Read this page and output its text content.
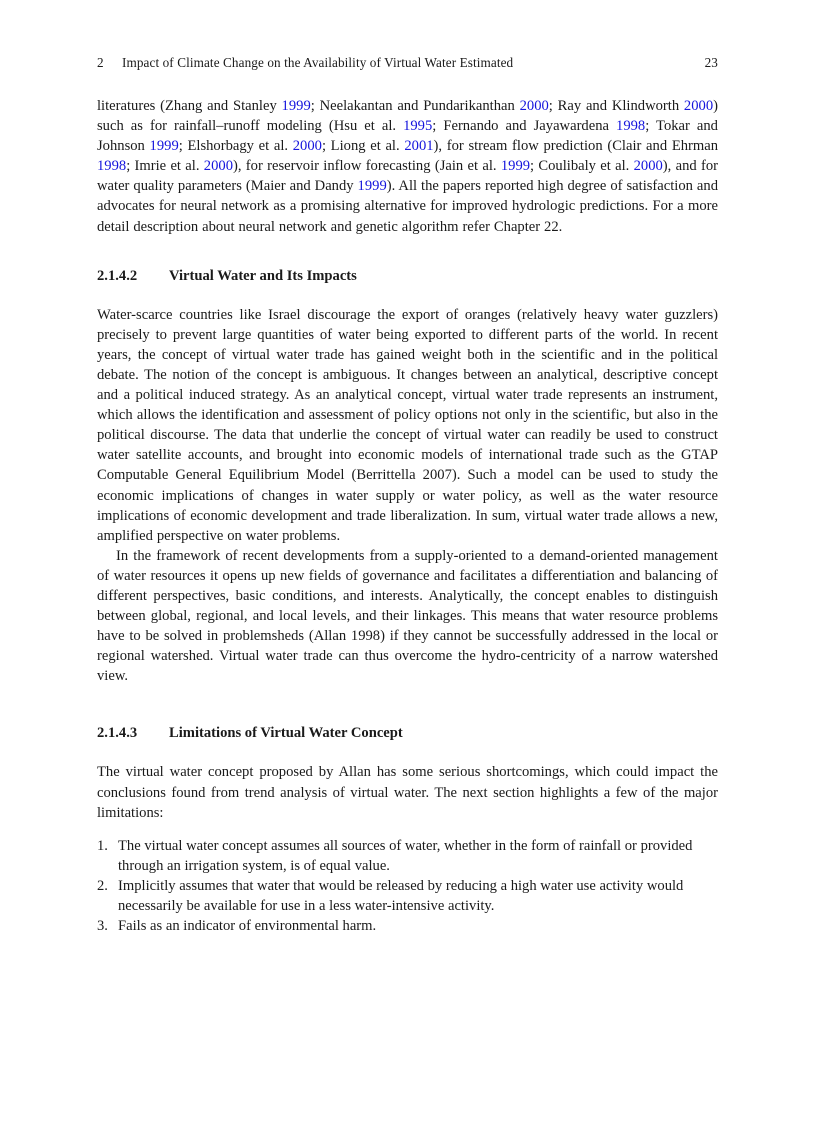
2	Impact of Climate Change on the Availability of Virtual Water Estimated	23

literatures (Zhang and Stanley 1999; Neelakantan and Pundarikanthan 2000; Ray and Klindworth 2000) such as for rainfall–runoff modeling (Hsu et al. 1995; Fernando and Jayawardena 1998; Tokar and Johnson 1999; Elshorbagy et al. 2000; Liong et al. 2001), for stream flow prediction (Clair and Ehrman 1998; Imrie et al. 2000), for reservoir inflow forecasting (Jain et al. 1999; Coulibaly et al. 2000), and for water quality parameters (Maier and Dandy 1999). All the papers reported high degree of satisfaction and advocates for neural network as a promising alternative for improved hydrologic predictions. For a more detail description about neural network and genetic algorithm refer Chapter 22.

2.1.4.2	Virtual Water and Its Impacts

Water-scarce countries like Israel discourage the export of oranges (relatively heavy water guzzlers) precisely to prevent large quantities of water being exported to different parts of the world. In recent years, the concept of virtual water trade has gained weight both in the scientific and in the political debate. The notion of the concept is ambiguous. It changes between an analytical, descriptive concept and a political induced strategy. As an analytical concept, virtual water trade represents an instrument, which allows the identification and assessment of policy options not only in the scientific, but also in the political discourse. The data that underlie the concept of virtual water can readily be used to construct water satellite accounts, and brought into economic models of international trade such as the GTAP Computable General Equilibrium Model (Berrittella 2007). Such a model can be used to study the economic implications of changes in water supply or water policy, as well as the water resource implications of economic development and trade liberalization. In sum, virtual water trade allows a new, amplified perspective on water problems.

In the framework of recent developments from a supply-oriented to a demand-oriented management of water resources it opens up new fields of governance and facilitates a differentiation and balancing of different perspectives, basic conditions, and interests. Analytically, the concept enables to distinguish between global, regional, and local levels, and their linkages. This means that water resource problems have to be solved in problemsheds (Allan 1998) if they cannot be successfully addressed in the local or regional watershed. Virtual water trade can thus overcome the hydro-centricity of a narrow watershed view.

2.1.4.3	Limitations of Virtual Water Concept

The virtual water concept proposed by Allan has some serious shortcomings, which could impact the conclusions found from trend analysis of virtual water. The next section highlights a few of the major limitations:

1. The virtual water concept assumes all sources of water, whether in the form of rainfall or provided through an irrigation system, is of equal value.
2. Implicitly assumes that water that would be released by reducing a high water use activity would necessarily be available for use in a less water-intensive activity.
3. Fails as an indicator of environmental harm.
